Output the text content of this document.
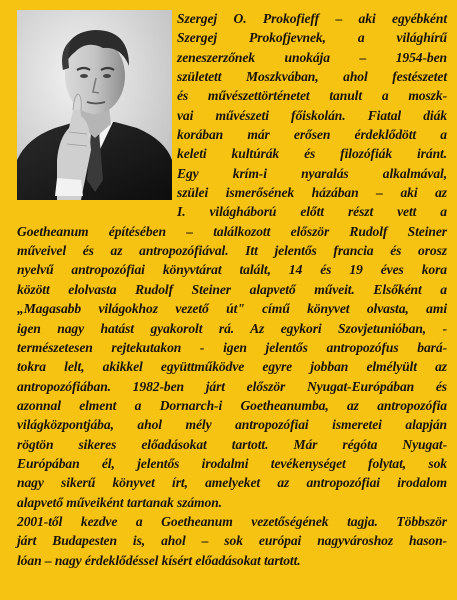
Szergej O. Prokofieff – aki egyébként
Szergej Prokofjevnek, a világhírű
zeneszerzőnek unokája – 1954-ben
született Moszkvában, ahol festészetet
és művészettörténetet tanult a moszk-
vai művészeti főiskolán. Fiatal diák
korában már erősen érdeklődött a
keleti kultúrák és filozófiák iránt.
Egy krím-i nyaralás alkalmával,
szülei ismerősének házában – aki az
I. világháború előtt részt vett a
Goetheanum építésében – találkozott először Rudolf Steiner
műveivel és az antropozófiával. Itt jelentős francia és orosz
nyelvű antropozófiai könyvtárat talált, 14 és 19 éves kora
között elolvasta Rudolf Steiner alapvető műveit. Elsőként a
„Magasabb világokhoz vezető út" című könyvet olvasta, ami
igen nagy hatást gyakorolt rá. Az egykori Szovjetunióban, -
természetesen rejtekutakon - igen jelentős antropozófus bará-
tokra lelt, akikkel együttműködve egyre jobban elmélyült az
antropozófiában. 1982-ben járt először Nyugat-Európában és
azonnal elment a Dornarch-i Goetheanumba, az antropozófia
világközpontjába, ahol mély antropozófiai ismeretei alapján
rögtön sikeres előadásokat tartott. Már régóta Nyugat-
Európában él, jelentős irodalmi tevékenységet folytat, sok
nagy sikerű könyvet írt, amelyeket az antropozófiai irodalom
alapvető műveiként tartanak számon.
2001-től kezdve a Goetheanum vezetőségének tagja. Többször
járt Budapesten is, ahol – sok európai nagyvároshoz hason-
lóan – nagy érdeklődéssel kísért előadásokat tartott.
